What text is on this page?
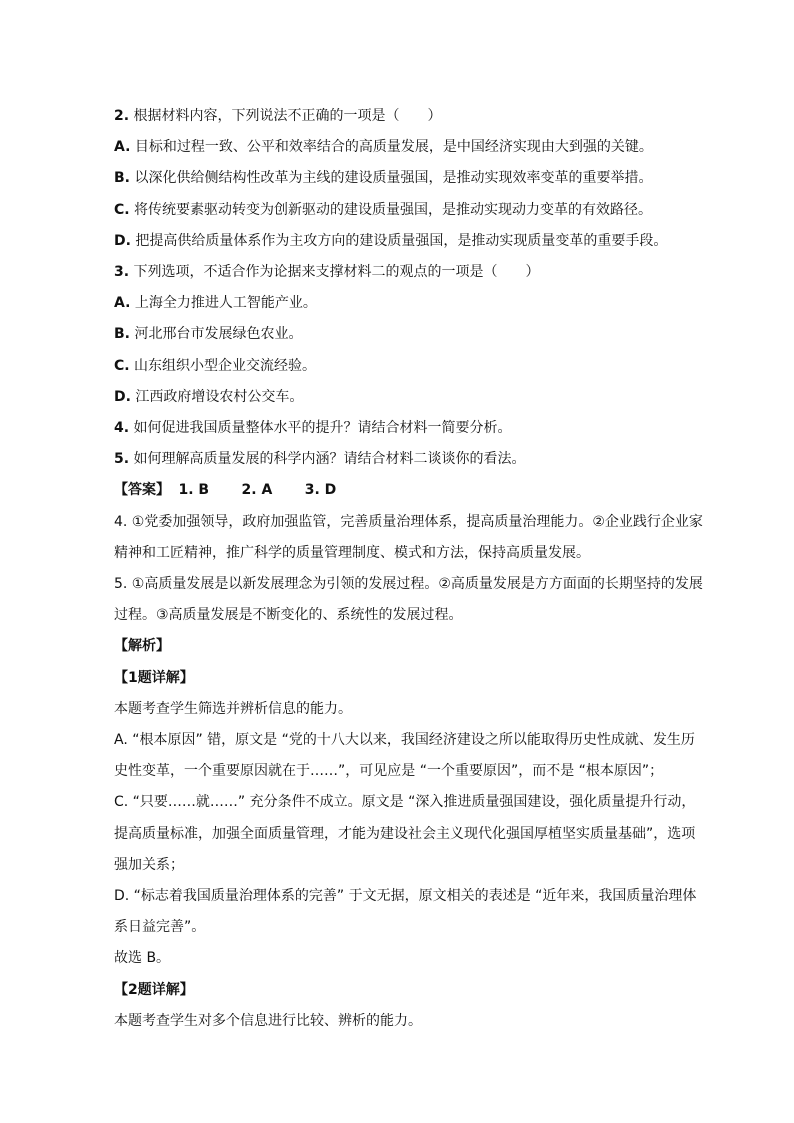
2. 根据材料内容，下列说法不正确的一项是（　　）
A. 目标和过程一致、公平和效率结合的高质量发展，是中国经济实现由大到强的关键。
B. 以深化供给侧结构性改革为主线的建设质量强国，是推动实现效率变革的重要举措。
C. 将传统要素驱动转变为创新驱动的建设质量强国，是推动实现动力变革的有效路径。
D. 把提高供给质量体系作为主攻方向的建设质量强国，是推动实现质量变革的重要手段。
3. 下列选项，不适合作为论据来支撑材料二的观点的一项是（　　）
A. 上海全力推进人工智能产业。
B. 河北邢台市发展绿色农业。
C. 山东组织小型企业交流经验。
D. 江西政府增设农村公交车。
4. 如何促进我国质量整体水平的提升？请结合材料一简要分析。
5. 如何理解高质量发展的科学内涵？请结合材料二谈谈你的看法。
【答案】 1. B 2. A 3. D
4. ①党委加强领导，政府加强监管，完善质量治理体系，提高质量治理能力。②企业践行企业家
精神和工匠精神，推广科学的质量管理制度、模式和方法，保持高质量发展。
5. ①高质量发展是以新发展理念为引领的发展过程。②高质量发展是方方面面的长期坚持的发展
过程。③高质量发展是不断变化的、系统性的发展过程。
【解析】
【1题详解】
本题考查学生筛选并辨析信息的能力。
A. “根本原因” 错，原文是 “党的十八大以来，我国经济建设之所以能取得历史性成就、发生历
史性变革，一个重要原因就在于……”，可见应是 “一个重要原因”，而不是 “根本原因”；
C. “只要……就……” 充分条件不成立。原文是 “深入推进质量强国建设，强化质量提升行动，
提高质量标准，加强全面质量管理，才能为建设社会主义现代化强国厚植坚实质量基础”，选项
强加关系；
D. “标志着我国质量治理体系的完善” 于文无据，原文相关的表述是 “近年来，我国质量治理体
系日益完善”。
故选 B。
【2题详解】
本题考查学生对多个信息进行比较、辨析的能力。
